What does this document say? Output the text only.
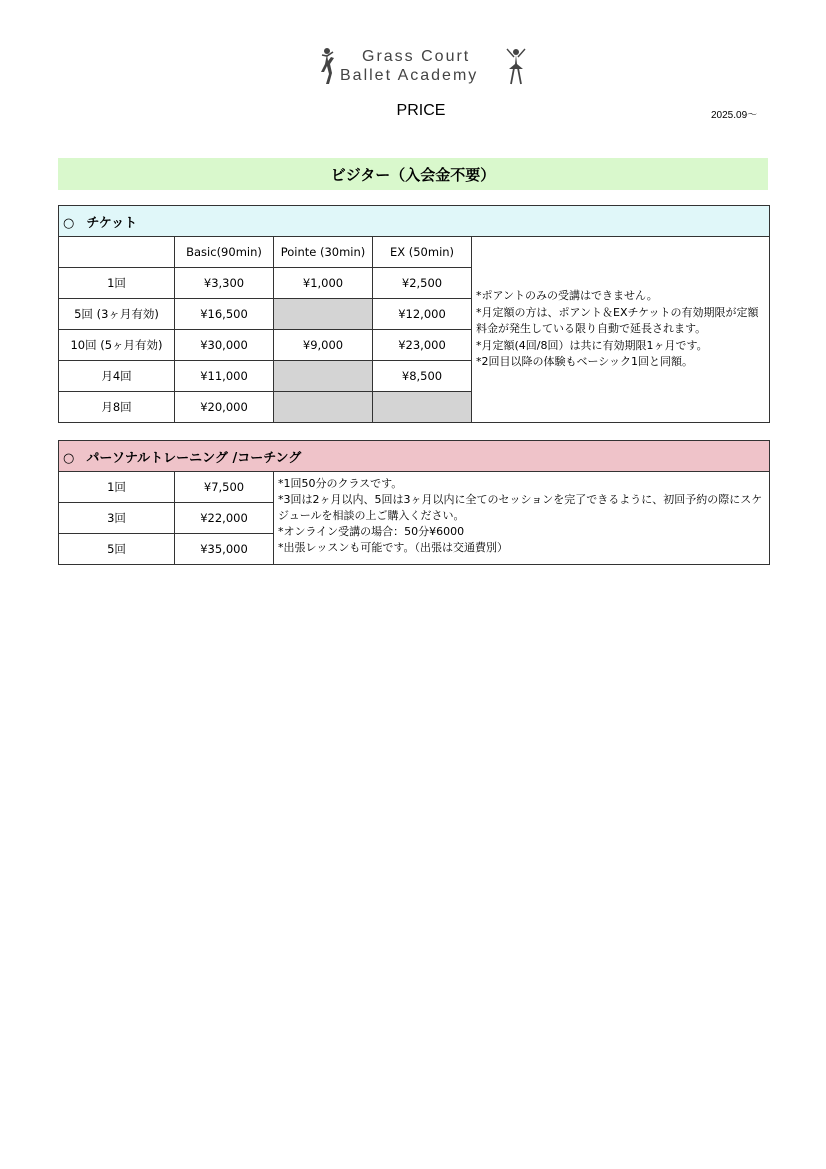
Grass Court
Ballet Academy
PRICE	2025.09〜
ビジター（入会金不要）
○ チケット				
	Basic(90min)	Pointe (30min)	EX (50min)	*ポアントのみの受講はできません。
*月定額の方は、ポアント＆EXチケットの有効期限が定額料金が発生している限り自動で延長されます。
*月定額(4回/8回）は共に有効期限1ヶ月です。
*2回目以降の体験もベーシック1回と同額。

1回	¥3,300	¥1,000	¥2,500	
5回 (3ヶ月有効)	¥16,500		¥12,000	
10回 (5ヶ月有効)	¥30,000	¥9,000	¥23,000	
月4回	¥11,000		¥8,500	
月8回	¥20,000			
○ パーソナルトレーニング /コーチング		
1回	¥7,500	*1回50分のクラスです。
*3回は2ヶ月以内、5回は3ヶ月以内に全てのセッションを完了できるように、初回予約の際にスケジュールを相談の上ご購入ください。
*オンライン受講の場合：50分¥6000
*出張レッスンも可能です。（出張は交通費別）

3回	¥22,000	
5回	¥35,000	
